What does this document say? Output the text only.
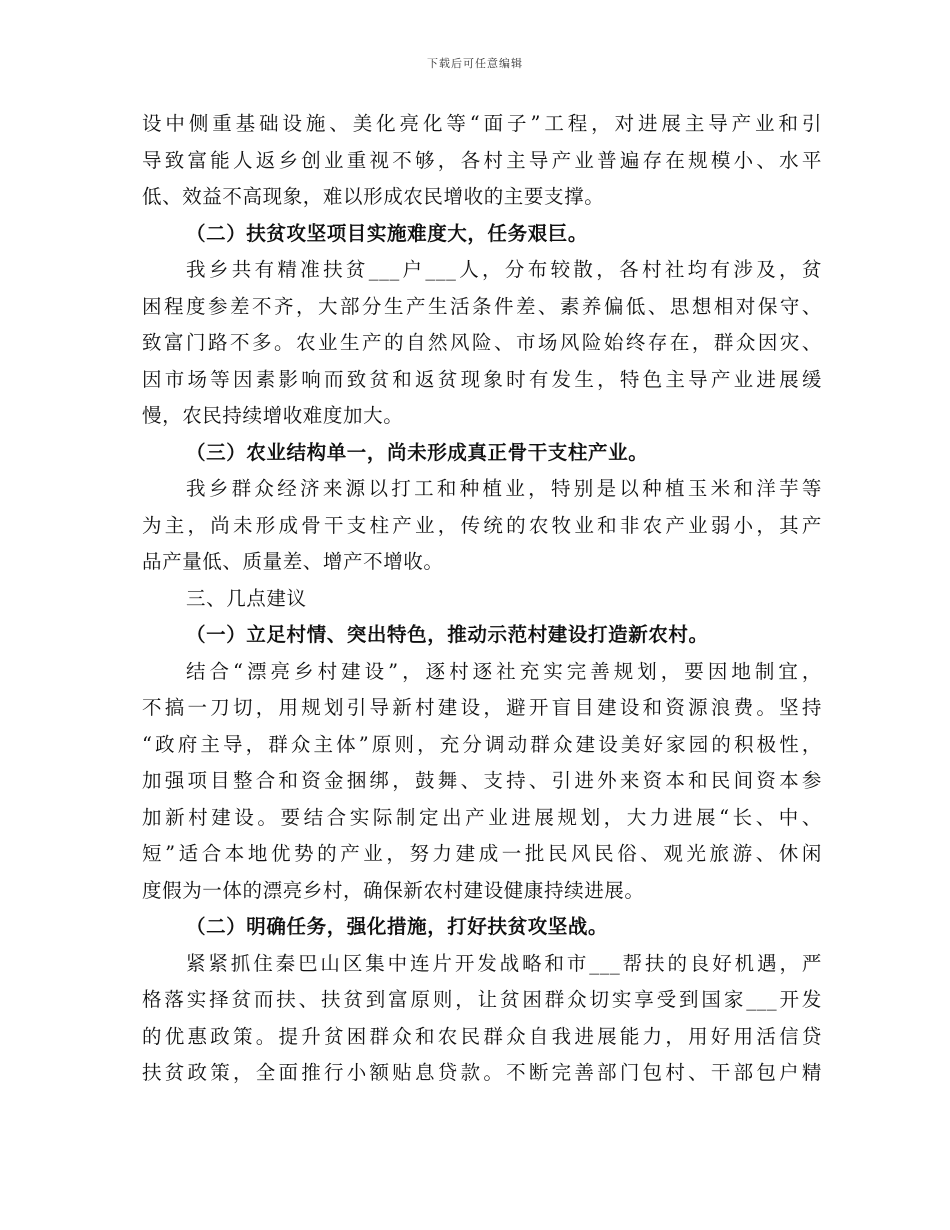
下载后可任意编辑
设中侧重基础设施、美化亮化等“面子”工程，对进展主导产业和引
导致富能人返乡创业重视不够，各村主导产业普遍存在规模小、水平
低、效益不高现象，难以形成农民增收的主要支撑。
（二）扶贫攻坚项目实施难度大，任务艰巨。
我乡共有精准扶贫___户___人，分布较散，各村社均有涉及，贫
困程度参差不齐，大部分生产生活条件差、素养偏低、思想相对保守、
致富门路不多。农业生产的自然风险、市场风险始终存在，群众因灾、
因市场等因素影响而致贫和返贫现象时有发生，特色主导产业进展缓
慢，农民持续增收难度加大。
（三）农业结构单一，尚未形成真正骨干支柱产业。
我乡群众经济来源以打工和种植业，特别是以种植玉米和洋芋等
为主，尚未形成骨干支柱产业，传统的农牧业和非农产业弱小，其产
品产量低、质量差、增产不增收。
三、几点建议
（一）立足村情、突出特色，推动示范村建设打造新农村。
结合“漂亮乡村建设”，逐村逐社充实完善规划，要因地制宜，
不搞一刀切，用规划引导新村建设，避开盲目建设和资源浪费。坚持
“政府主导，群众主体”原则，充分调动群众建设美好家园的积极性，
加强项目整合和资金捆绑，鼓舞、支持、引进外来资本和民间资本参
加新村建设。要结合实际制定出产业进展规划，大力进展“长、中、
短”适合本地优势的产业，努力建成一批民风民俗、观光旅游、休闲
度假为一体的漂亮乡村，确保新农村建设健康持续进展。
（二）明确任务，强化措施，打好扶贫攻坚战。
紧紧抓住秦巴山区集中连片开发战略和市___帮扶的良好机遇，严
格落实择贫而扶、扶贫到富原则，让贫困群众切实享受到国家___开发
的优惠政策。提升贫困群众和农民群众自我进展能力，用好用活信贷
扶贫政策，全面推行小额贴息贷款。不断完善部门包村、干部包户精
